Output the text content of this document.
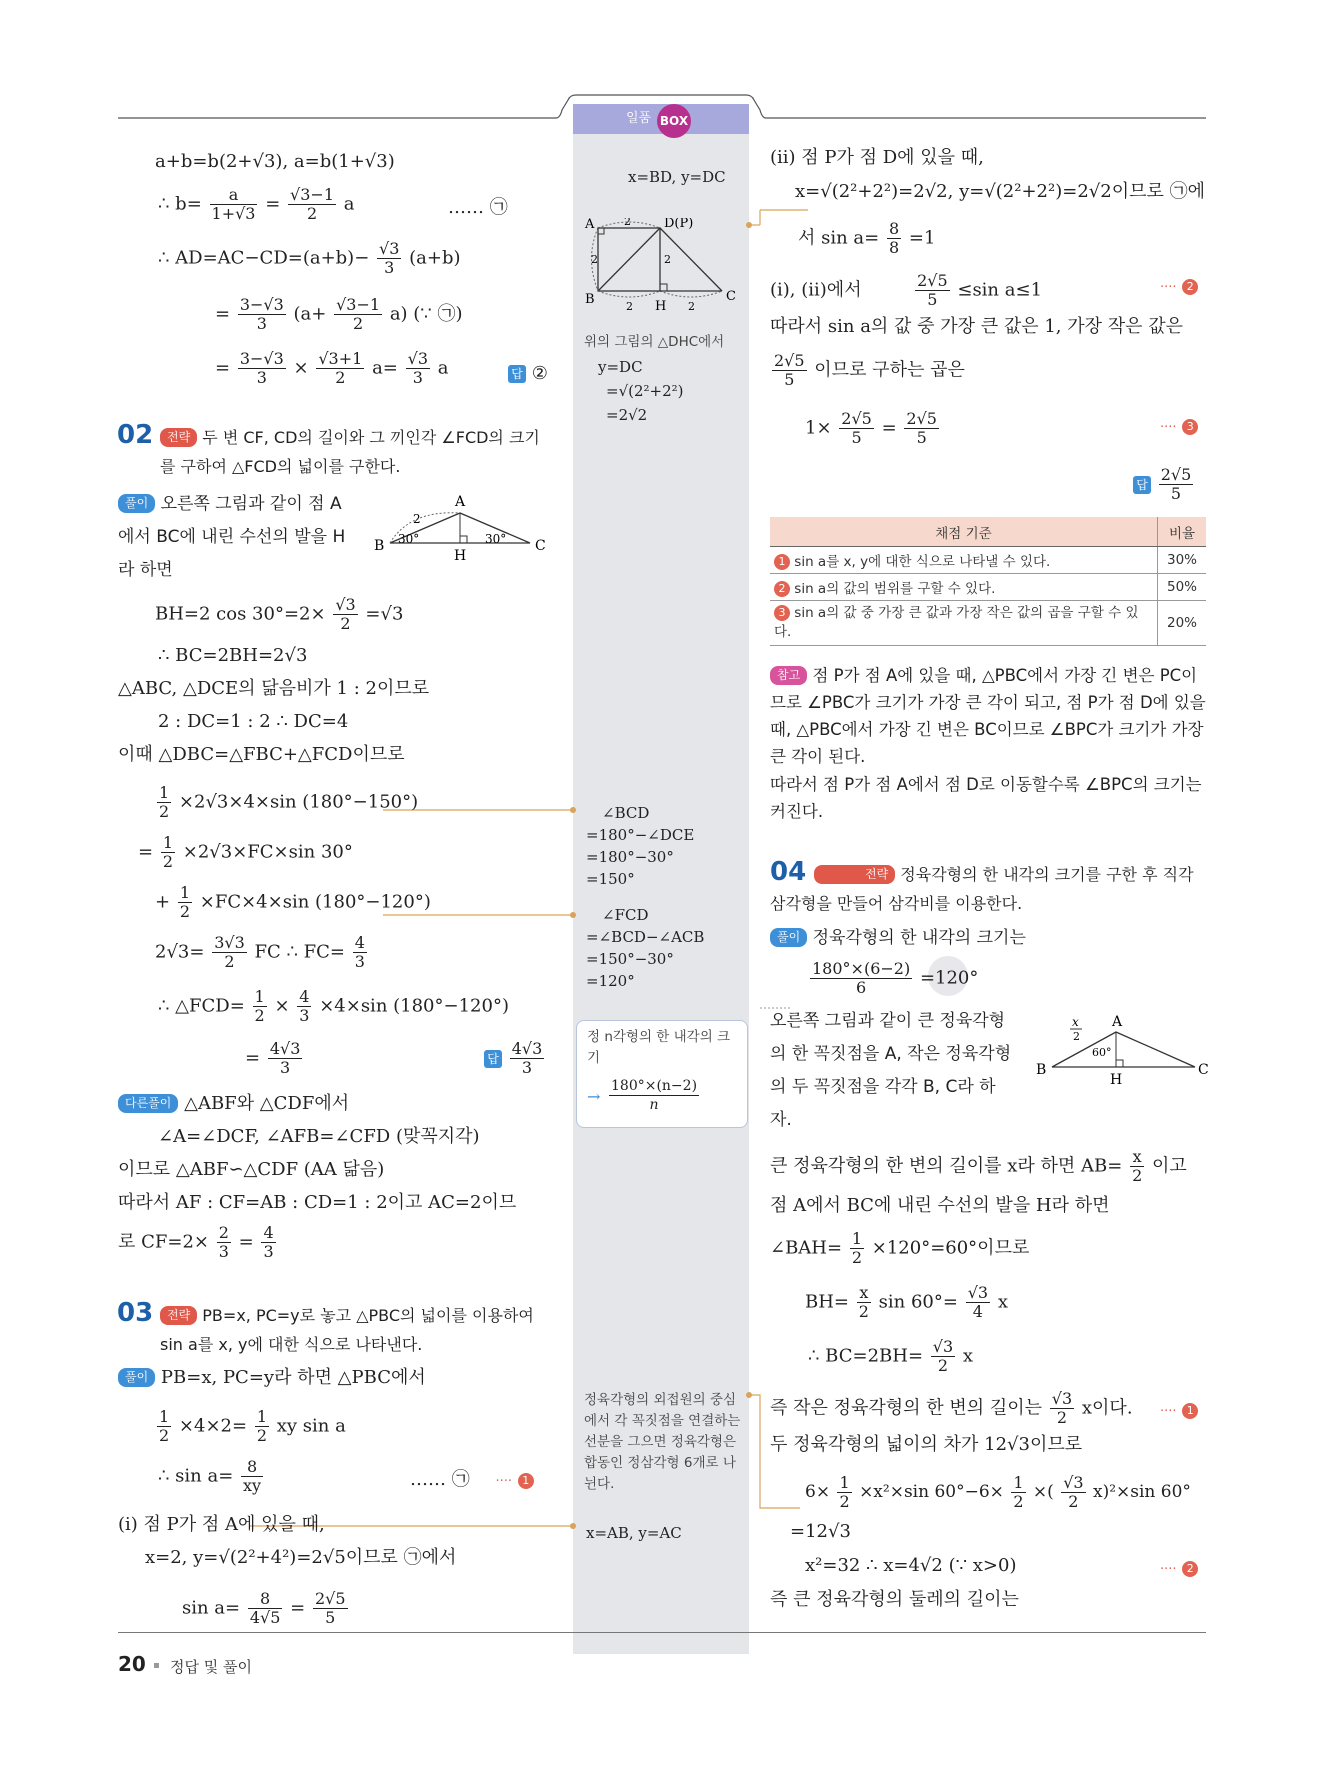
일품 BOX
x=BD, y=DC
A	D(P)
B	H
C
2
2	2
2	2
위의 그림의 △DHC에서
y=DC
=√(2²+2²)
=2√2
∠BCD
=180°−∠DCE
=180°−30°
=150°
∠FCD
=∠BCD−∠ACB
=150°−30°
=120°
정 n각형의 한 내각의 크기
→ $\frac{180^\circ\times(n-2)}{n}$
정육각형의 외접원의 중심에서 각 꼭짓점을 연결하는 선분을 그으면 정육각형은 합동인 정삼각형 6개로 나뉜다.
x=AB, y=AC
a+b=b(2+√3), a=b(1+√3)
∴ $b= \frac{a}{1+√3} = \frac{√3-1}{2}$ a	…… ㉠
∴ $AD=AC-CD=(a+b)- \frac{√3}{3} (a+b)$
= $\frac{3-√3}{3} (a+ \frac{√3-1}{2} a)$ (∵ ㉠)
= $\frac{3-√3}{3} \times \frac{√3+1}{2} a= \frac{√3}{3}$ a	답 ②
02	전략 두 변 CF, CD의 길이와 그 끼인각 ∠FCD의 크기를 구하여 △FCD의 넓이를 구한다.
풀이 오른쪽 그림과 같이 점 A에서 BC에 내린 수선의 발을 H라 하면
A
B	C
H
2
30°	30°
BH=2 $\cos 30^\circ=2\times \frac{√3}{2} =√3$
∴ BC=2BH=2√3
△ABC, △DCE의 닮음비가 1 : 2이므로
2 : DC=1 : 2 ∴ DC=4
이때 △DBC=△FBC+△FCD이므로
$\frac{1}{2} \times 2√3\times 4\times\sin$ (180°−150°)
= $\frac{1}{2} \times 2√3\times FC\times\sin$ 30°
+ $\frac{1}{2} \times FC\times 4\times\sin$ (180°−120°)
$2√3= \frac{3√3}{2}$ FC ∴ $FC= \frac{4}{3}$
∴ △FCD= $\frac{1}{2} \times \frac{4}{3} \times 4\times\sin$ (180°−120°)
= $\frac{4√3}{3}$	답 $\frac{4√3}{3}$
다른풀이 △ABF와 △CDF에서
∠A=∠DCF, ∠AFB=∠CFD (맞꼭지각)
이므로 △ABF∽△CDF (AA 닮음)
따라서 AF : CF=AB : CD=1 : 2이고 AC=2이므
로 $CF=2\times \frac{2}{3} = \frac{4}{3}$
03	전략 PB=x, PC=y로 놓고 △PBC의 넓이를 이용하여 sin a를 x, y에 대한 식으로 나타낸다.
풀이 PB=x, PC=y라 하면 △PBC에서
$\frac{1}{2} \times 4\times 2= \frac{1}{2}$ xy sin a
∴ $\sin a= \frac{8}{xy}$	…… ㉠ ···· 1
(i) 점 P가 점 A에 있을 때,
x=2, y=√(2²+4²)=2√5이므로 ㉠에서
$\sin a= \frac{8}{4√5} = \frac{2√5}{5}$
(ii) 점 P가 점 D에 있을 때,
x=√(2²+2²)=2√2, y=√(2²+2²)=2√2이므로 ㉠에
서 $\sin a= \frac{8}{8} =1$
(i), (ii)에서	$\frac{2√5}{5} \le\sin$ a≤1	···· 2
따라서 sin a의 값 중 가장 큰 값은 1, 가장 작은 값은
$\frac{2√5}{5}$ 이므로 구하는 곱은
$1\times \frac{2√5}{5} = \frac{2√5}{5}$	···· 3
답 $\frac{2√5}{5}$
채점 기준	비율
1 sin a를 x, y에 대한 식으로 나타낼 수 있다.	30%
2 sin a의 값의 범위를 구할 수 있다.	50%
3 sin a의 값 중 가장 큰 값과 가장 작은 값의 곱을 구할 수 있다.	20%
참고 점 P가 점 A에 있을 때, △PBC에서 가장 긴 변은 PC이므로 ∠PBC가 크기가 가장 큰 각이 되고, 점 P가 점 D에 있을 때, △PBC에서 가장 긴 변은 BC이므로 ∠BPC가 크기가 가장 큰 각이 된다.
따라서 점 P가 점 A에서 점 D로 이동할수록 ∠BPC의 크기는 커진다.
04	전략 정육각형의 한 내각의 크기를 구한 후 직각삼각형을 만들어 삼각비를 이용한다.
풀이 정육각형의 한 내각의 크기는
$\frac{180^\circ\times(6-2)}{6} =120^\circ$
오른쪽 그림과 같이 큰 정육각형의 한 꼭짓점을 A, 작은 정육각형의 두 꼭짓점을 각각 B, C라 하자.
A
B	C
H
x
2
60°
큰 정육각형의 한 변의 길이를 x라 하면 $AB= \frac{x}{2}$ 이고
점 A에서 BC에 내린 수선의 발을 H라 하면
∠BAH= $\frac{1}{2} \times 120^\circ=60^\circ$이므로
$BH= \frac{x}{2}$ $\sin 60^\circ= \frac{√3}{4}$ x
∴ $BC=2BH= \frac{√3}{2}$ x
즉 작은 정육각형의 한 변의 길이는 $\frac{√3}{2}$ x이다. ···· 1
두 정육각형의 넓이의 차가 12√3이므로
$6\times \frac{1}{2} \times x^2\times\sin$ $60^\circ-6\times \frac{1}{2}$ ×( $\frac{√3}{2} x)^2\times\sin$ 60°
=12√3
x²=32 ∴ x=4√2 (∵ x>0)	···· 2
즉 큰 정육각형의 둘레의 길이는
20 정답 및 풀이
